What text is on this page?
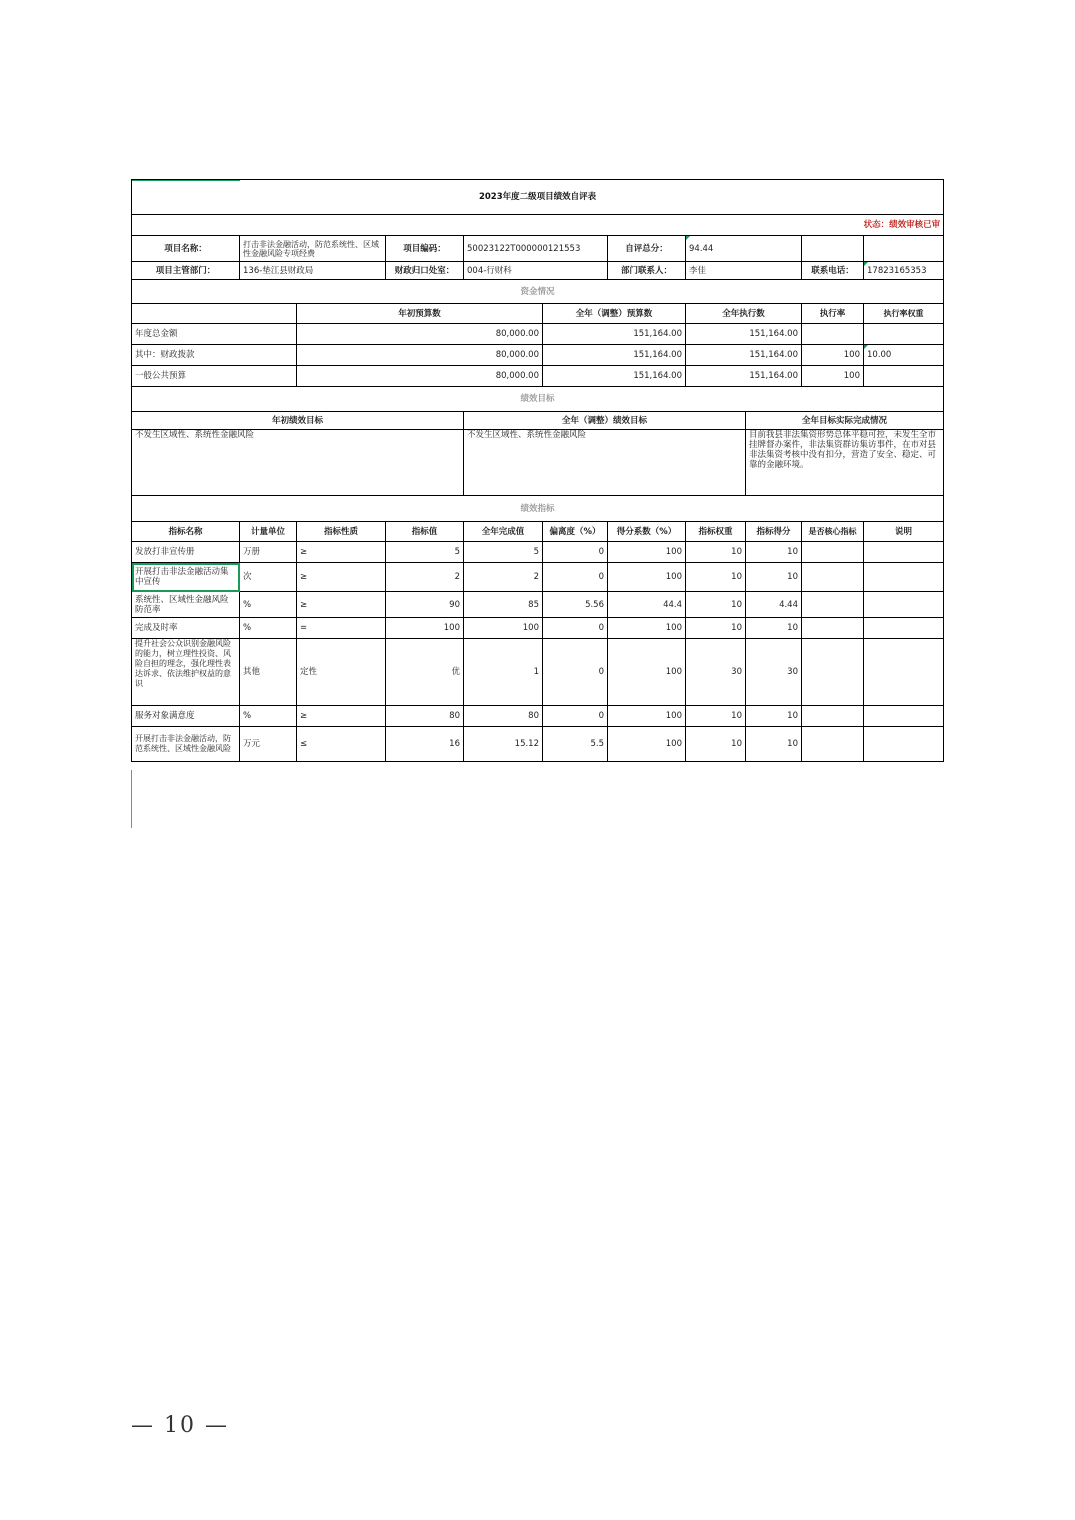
2023年度二级项目绩效自评表											
状态：绩效审核已审											
项目名称：	打击非法金融活动，防范系统性、区域性金融风险专项经费		项目编码：	50023122T000000121553		自评总分：	94.44				
项目主管部门：	136-垫江县财政局		财政归口处室：	004-行财科		部门联系人：	李佳		联系电话：	17823165353	
资金情况											
		年初预算数			全年（调整）预算数		全年执行数		执行率	执行率权重	
年度总金额		80,000.00			151,164.00		151,164.00				
其中：财政拨款		80,000.00			151,164.00		151,164.00		100	10.00	
一般公共预算		80,000.00			151,164.00		151,164.00		100		
绩效目标											
年初绩效目标				全年（调整）绩效目标				全年目标实际完成情况			
不发生区域性、系统性金融风险				不发生区域性、系统性金融风险				目前我县非法集资形势总体平稳可控，未发生全市挂牌督办案件，非法集资群访集访事件，在市对县非法集资考核中没有扣分，营造了安全、稳定、可靠的金融环境。			
绩效指标											
指标名称	计量单位	指标性质	指标值	全年完成值	偏离度（%）	得分系数（%）	指标权重	指标得分	是否核心指标	说明	
发放打非宣传册	万册	≥	5	5	0	100	10	10			
开展打击非法金融活动集中宣传	次	≥	2	2	0	100	10	10			
系统性、区域性金融风险防范率	%	≥	90	85	5.56	44.4	10	4.44			
完成及时率	%	=	100	100	0	100	10	10			
提升社会公众识别金融风险的能力，树立理性投资、风险自担的理念，强化理性表达诉求、依法维护权益的意识	其他	定性	优	1	0	100	30	30			
服务对象满意度	%	≥	80	80	0	100	10	10			
开展打击非法金融活动，防范系统性、区域性金融风险	万元	≤	16	15.12	5.5	100	10	10			
— 10 —
